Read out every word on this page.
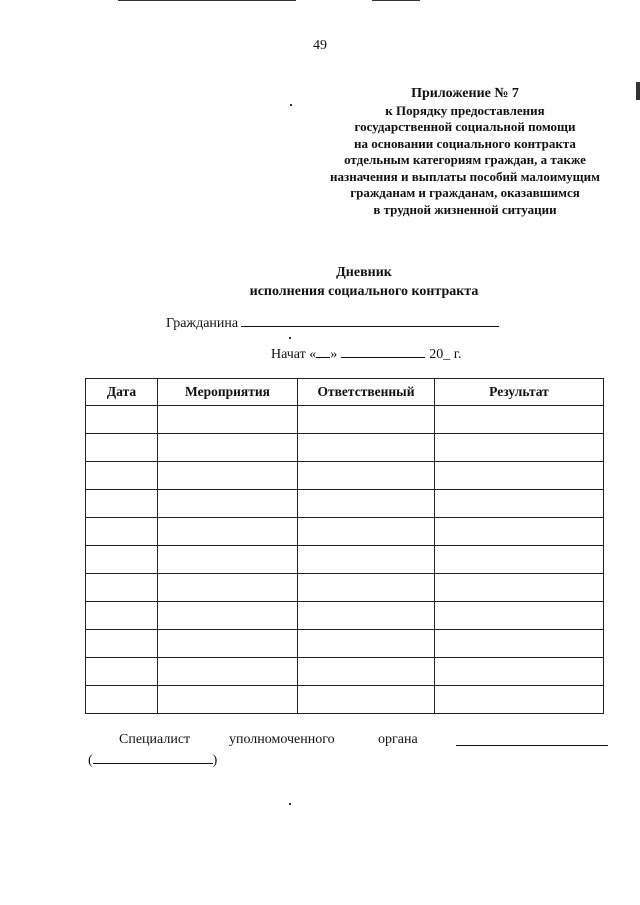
49
Приложение № 7
к Порядку предоставления
государственной социальной помощи
на основании социального контракта
отдельным категориям граждан, а также
назначения и выплаты пособий малоимущим
гражданам и гражданам, оказавшимся
в трудной жизненной ситуации
Дневник
исполнения социального контракта
Гражданина
Начат « »	20_ г.
Дата	Мероприятия	Ответственный	Результат

Специалист	уполномоченного	органа
(	)
